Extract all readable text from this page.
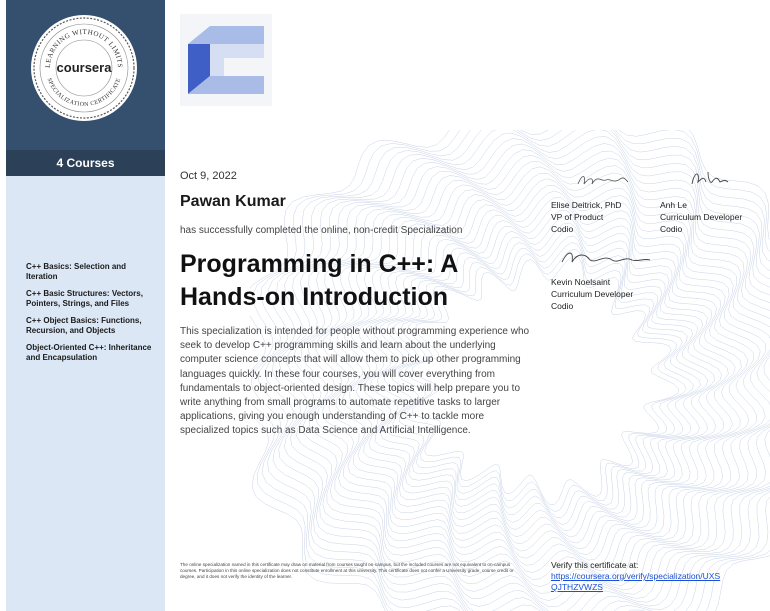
LEARNING WITHOUT LIMITS
SPECIALIZATION CERTIFICATE
coursera
4 Courses
C++ Basics: Selection and Iteration
C++ Basic Structures: Vectors, Pointers, Strings, and Files
C++ Object Basics: Functions, Recursion, and Objects
Object-Oriented C++: Inheritance and Encapsulation
Oct 9, 2022
Pawan Kumar
has successfully completed the online, non-credit Specialization
Programming in C++: A Hands-on Introduction
This specialization is intended for people without programming experience who seek to develop C++ programming skills and learn about the underlying computer science concepts that will allow them to pick up other programming languages quickly. In these four courses, you will cover everything from fundamentals to object-oriented design. These topics will help prepare you to write anything from small programs to automate repetitive tasks to larger applications, giving you enough understanding of C++ to tackle more specialized topics such as Data Science and Artificial Intelligence.
Elise Deitrick, PhD
VP of Product
Codio
Anh Le
Curriculum Developer
Codio
Kevin Noelsaint
Curriculum Developer
Codio
The online specialization named in this certificate may draw on material from courses taught on-campus, but the included courses are not equivalent to on-campus courses. Participation in this online specialization does not constitute enrollment at this university. This certificate does not confer a University grade, course credit or degree, and it does not verify the identity of the learner.
Verify this certificate at:
https://coursera.org/verify/specialization/UXSQJTHZVWZS
